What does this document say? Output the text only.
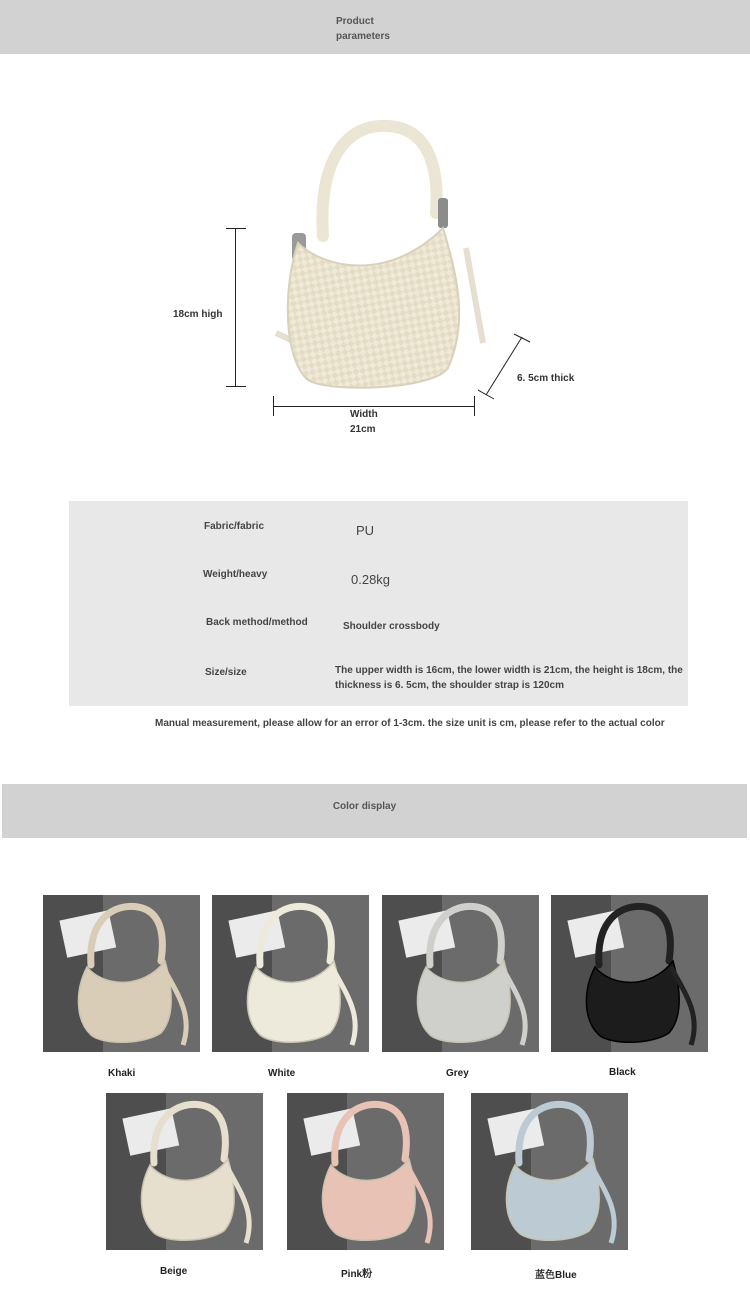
Product parameters
18cm high
Width
21cm
6. 5cm thick
Fabric/fabric	PU
Weight/heavy	0.28kg
Back method/method	Shoulder crossbody
Size/size	The upper width is 16cm, the lower width is 21cm, the height is 18cm, the thickness is 6. 5cm, the shoulder strap is 120cm
Manual measurement, please allow for an error of 1-3cm. the size unit is cm, please refer to the actual color
Color display
Khaki	White	Grey	Black
Beige	Pink粉	蓝色Blue
